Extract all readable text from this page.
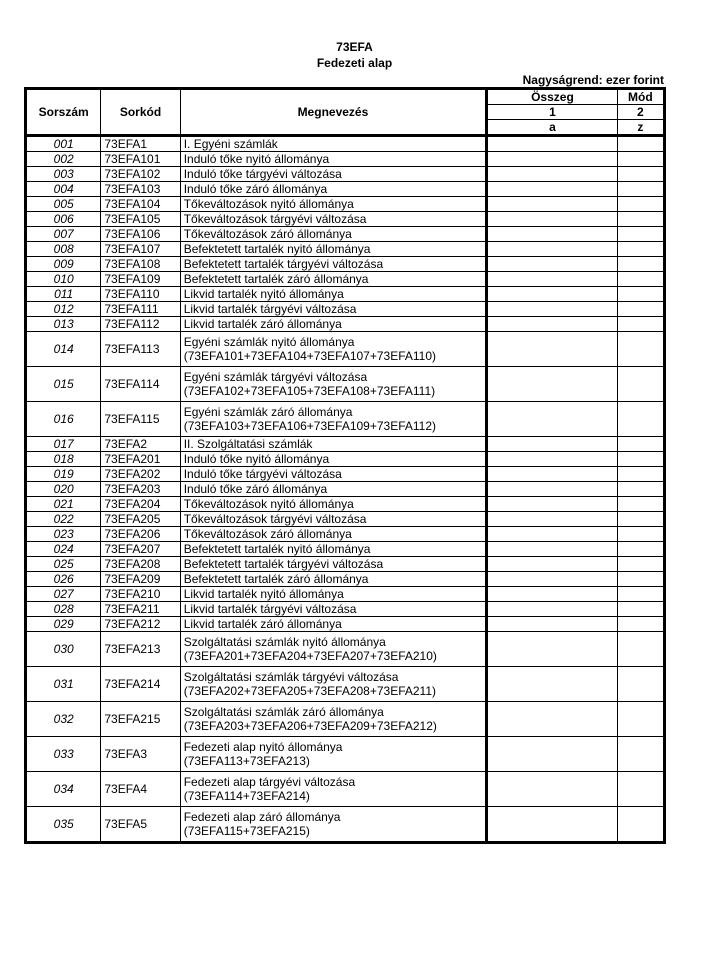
73EFA
Fedezeti alap
Nagyságrend: ezer forint
Sorszám	Sorkód	Megnevezés	Összeg	Mód
			1	2
			a	z
001	73EFA1	I. Egyéni számlák		

002	73EFA101	Induló tőke nyitó állománya		

003	73EFA102	Induló tőke tárgyévi változása		

004	73EFA103	Induló tőke záró állománya		

005	73EFA104	Tőkeváltozások nyitó állománya		

006	73EFA105	Tőkeváltozások tárgyévi változása		

007	73EFA106	Tőkeváltozások záró állománya		

008	73EFA107	Befektetett tartalék nyitó állománya		

009	73EFA108	Befektetett tartalék tárgyévi változása		

010	73EFA109	Befektetett tartalék záró állománya		

011	73EFA110	Likvid tartalék nyitó állománya		

012	73EFA111	Likvid tartalék tárgyévi változása		

013	73EFA112	Likvid tartalék záró állománya		

014	73EFA113	Egyéni számlák nyitó állománya
(73EFA101+73EFA104+73EFA107+73EFA110)		

015	73EFA114	Egyéni számlák tárgyévi változása
(73EFA102+73EFA105+73EFA108+73EFA111)		

016	73EFA115	Egyéni számlák záró állománya
(73EFA103+73EFA106+73EFA109+73EFA112)		

017	73EFA2	II. Szolgáltatási számlák		

018	73EFA201	Induló tőke nyitó állománya		

019	73EFA202	Induló tőke tárgyévi változása		

020	73EFA203	Induló tőke záró állománya		

021	73EFA204	Tőkeváltozások nyitó állománya		

022	73EFA205	Tőkeváltozások tárgyévi változása		

023	73EFA206	Tőkeváltozások záró állománya		

024	73EFA207	Befektetett tartalék nyitó állománya		

025	73EFA208	Befektetett tartalék tárgyévi változása		

026	73EFA209	Befektetett tartalék záró állománya		

027	73EFA210	Likvid tartalék nyitó állománya		

028	73EFA211	Likvid tartalék tárgyévi változása		

029	73EFA212	Likvid tartalék záró állománya		

030	73EFA213	Szolgáltatási számlák nyitó állománya
(73EFA201+73EFA204+73EFA207+73EFA210)		

031	73EFA214	Szolgáltatási számlák tárgyévi változása
(73EFA202+73EFA205+73EFA208+73EFA211)		

032	73EFA215	Szolgáltatási számlák záró állománya
(73EFA203+73EFA206+73EFA209+73EFA212)		

033	73EFA3	Fedezeti alap nyitó állománya
(73EFA113+73EFA213)		

034	73EFA4	Fedezeti alap tárgyévi változása
(73EFA114+73EFA214)		

035	73EFA5	Fedezeti alap záró állománya
(73EFA115+73EFA215)		
